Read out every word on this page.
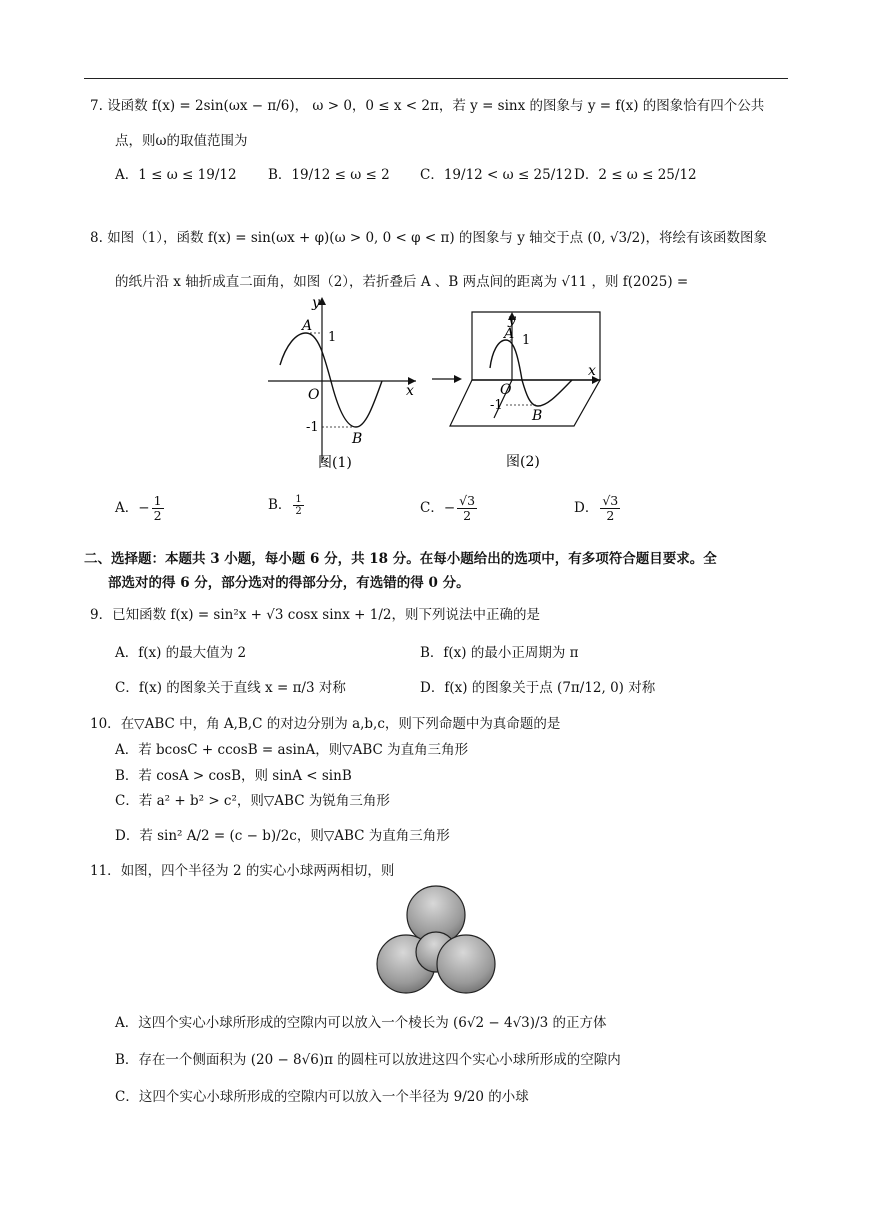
7. 设函数 f(x) = 2sin(ωx − π/6)， ω > 0，0 ≤ x < 2π，若 y = sinx 的图象与 y = f(x) 的图象恰有四个公共
点，则ω的取值范围为
A．1 ≤ ω ≤ 19/12 B．19/12 ≤ ω ≤ 2 C．19/12 < ω ≤ 25/12 D．2 ≤ ω ≤ 25/12
8. 如图（1），函数 f(x) = sin(ωx + φ)(ω > 0, 0 < φ < π) 的图象与 y 轴交于点 (0, √3/2)，将绘有该函数图象
的纸片沿 x 轴折成直二面角，如图（2），若折叠后 A 、B 两点间的距离为 √11 ，则 f(2025) =
A
1
O
-1
B
x
y
图(1)
A 1
O
-1
B
x
y
图(2)
A．− $\frac{1}{2}$	B． $\frac{1}{2}$	C．− $\frac{√3}{2}$	D． $\frac{√3}{2}$
二、选择题：本题共 3 小题，每小题 6 分，共 18 分。在每小题给出的选项中，有多项符合题目要求。全
部选对的得 6 分，部分选对的得部分分，有选错的得 0 分。
9．已知函数 f(x) = sin²x + √3 cosx sinx + 1/2，则下列说法中正确的是
A．f(x) 的最大值为 2	B．f(x) 的最小正周期为 π
C．f(x) 的图象关于直线 x = π/3 对称	D．f(x) 的图象关于点 (7π/12, 0) 对称
10．在▽ABC 中，角 A,B,C 的对边分别为 a,b,c，则下列命题中为真命题的是
A．若 bcosC + ccosB = asinA，则▽ABC 为直角三角形
B．若 cosA > cosB，则 sinA < sinB
C．若 a² + b² > c²，则▽ABC 为锐角三角形
D．若 sin² A/2 = (c − b)/2c，则▽ABC 为直角三角形
11．如图，四个半径为 2 的实心小球两两相切，则
A．这四个实心小球所形成的空隙内可以放入一个棱长为 (6√2 − 4√3)/3 的正方体
B．存在一个侧面积为 (20 − 8√6)π 的圆柱可以放进这四个实心小球所形成的空隙内
C．这四个实心小球所形成的空隙内可以放入一个半径为 9/20 的小球
